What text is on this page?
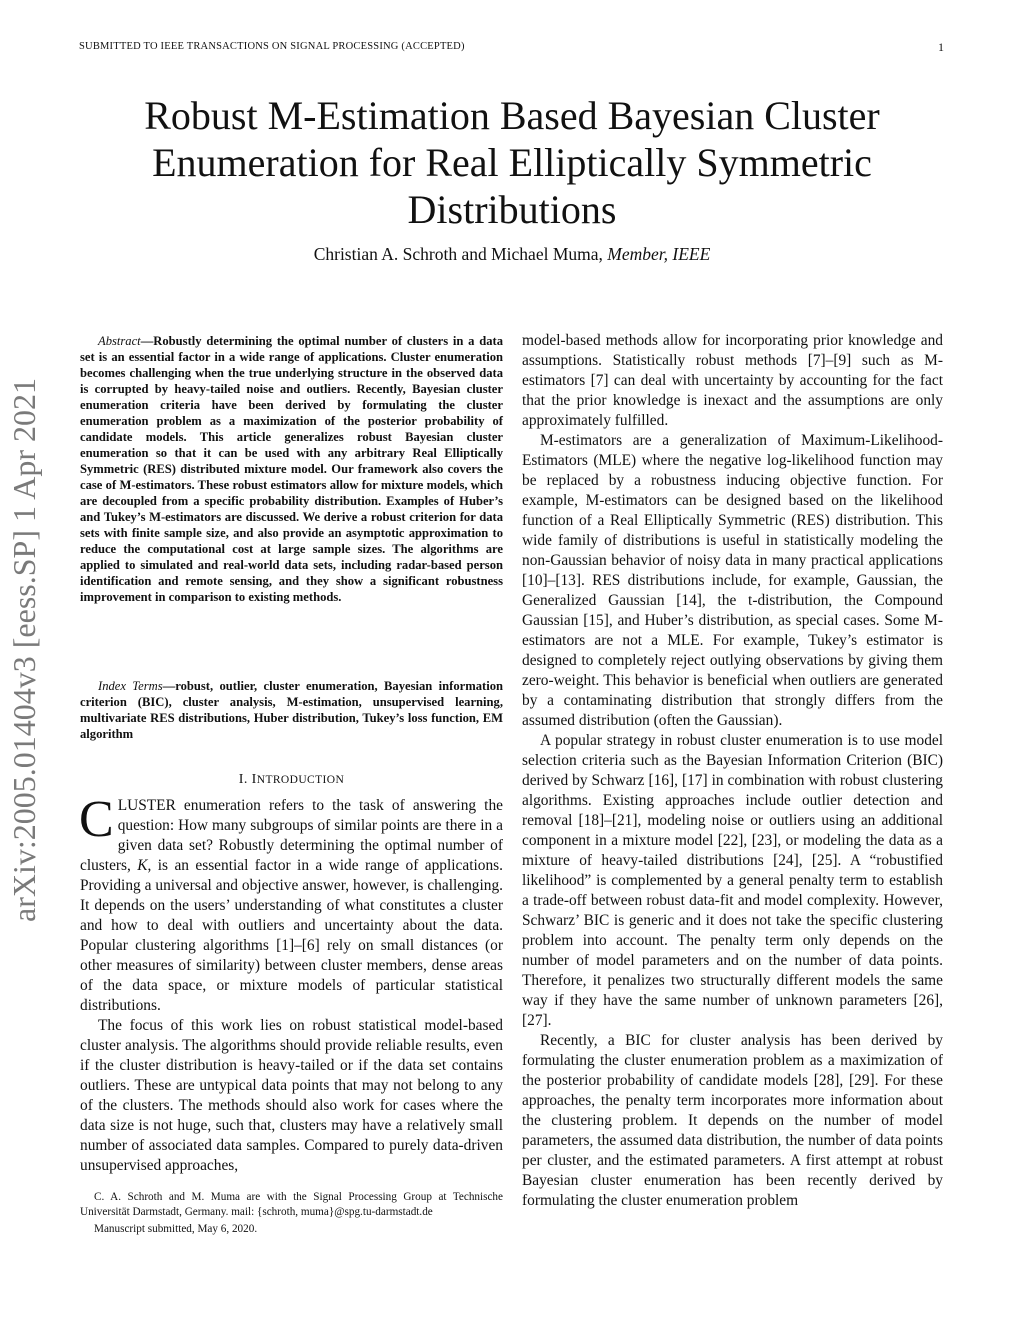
SUBMITTED TO IEEE TRANSACTIONS ON SIGNAL PROCESSING (ACCEPTED)	1
arXiv:2005.01404v3 [eess.SP] 1 Apr 2021
Robust M-Estimation Based Bayesian Cluster
Enumeration for Real Elliptically Symmetric
Distributions
Christian A. Schroth and Michael Muma, Member, IEEE

Abstract—Robustly determining the optimal number of clusters in a data set is an essential factor in a wide range of applications. Cluster enumeration becomes challenging when the true underlying structure in the observed data is corrupted by heavy-tailed noise and outliers. Recently, Bayesian cluster enumeration criteria have been derived by formulating the cluster enumeration problem as a maximization of the posterior probability of candidate models. This article generalizes robust Bayesian cluster enumeration so that it can be used with any arbitrary Real Elliptically Symmetric (RES) distributed mixture model. Our framework also covers the case of M-estimators. These robust estimators allow for mixture models, which are decoupled from a specific probability distribution. Examples of Huber’s and Tukey’s M-estimators are discussed. We derive a robust criterion for data sets with finite sample size, and also provide an asymptotic approximation to reduce the computational cost at large sample sizes. The algorithms are applied to simulated and real-world data sets, including radar-based person identification and remote sensing, and they show a significant robustness improvement in comparison to existing methods.

Index Terms—robust, outlier, cluster enumeration, Bayesian information criterion (BIC), cluster analysis, M-estimation, unsupervised learning, multivariate RES distributions, Huber distribution, Tukey’s loss function, EM algorithm
I. INTRODUCTION

CLUSTER enumeration refers to the task of answering the question: How many subgroups of similar points are there in a given data set? Robustly determining the optimal number of clusters, K, is an essential factor in a wide range of applications. Providing a universal and objective answer, however, is challenging. It depends on the users’ understanding of what constitutes a cluster and how to deal with outliers and uncertainty about the data. Popular clustering algorithms [1]–[6] rely on small distances (or other measures of similarity) between cluster members, dense areas of the data space, or mixture models of particular statistical distributions.

The focus of this work lies on robust statistical model-based cluster analysis. The algorithms should provide reliable results, even if the cluster distribution is heavy-tailed or if the data set contains outliers. These are untypical data points that may not belong to any of the clusters. The methods should also work for cases where the data size is not huge, such that, clusters may have a relatively small number of associated data samples. Compared to purely data-driven unsupervised approaches,

model-based methods allow for incorporating prior knowledge and assumptions. Statistically robust methods [7]–[9] such as M-estimators [7] can deal with uncertainty by accounting for the fact that the prior knowledge is inexact and the assumptions are only approximately fulfilled.

M-estimators are a generalization of Maximum-Likelihood-Estimators (MLE) where the negative log-likelihood function may be replaced by a robustness inducing objective function. For example, M-estimators can be designed based on the likelihood function of a Real Elliptically Symmetric (RES) distribution. This wide family of distributions is useful in statistically modeling the non-Gaussian behavior of noisy data in many practical applications [10]–[13]. RES distributions include, for example, Gaussian, the Generalized Gaussian [14], the t-distribution, the Compound Gaussian [15], and Huber’s distribution, as special cases. Some M-estimators are not a MLE. For example, Tukey’s estimator is designed to completely reject outlying observations by giving them zero-weight. This behavior is beneficial when outliers are generated by a contaminating distribution that strongly differs from the assumed distribution (often the Gaussian).

A popular strategy in robust cluster enumeration is to use model selection criteria such as the Bayesian Information Criterion (BIC) derived by Schwarz [16], [17] in combination with robust clustering algorithms. Existing approaches include outlier detection and removal [18]–[21], modeling noise or outliers using an additional component in a mixture model [22], [23], or modeling the data as a mixture of heavy-tailed distributions [24], [25]. A “robustified likelihood” is complemented by a general penalty term to establish a trade-off between robust data-fit and model complexity. However, Schwarz’ BIC is generic and it does not take the specific clustering problem into account. The penalty term only depends on the number of model parameters and on the number of data points. Therefore, it penalizes two structurally different models the same way if they have the same number of unknown parameters [26], [27].

Recently, a BIC for cluster analysis has been derived by formulating the cluster enumeration problem as a maximization of the posterior probability of candidate models [28], [29]. For these approaches, the penalty term incorporates more information about the clustering problem. It depends on the number of model parameters, the assumed data distribution, the number of data points per cluster, and the estimated parameters. A first attempt at robust Bayesian cluster enumeration has been recently derived by formulating the cluster enumeration problem

C. A. Schroth and M. Muma are with the Signal Processing Group at Technische Universität Darmstadt, Germany. mail: {schroth, muma}@spg.tu-darmstadt.de

Manuscript submitted, May 6, 2020.
